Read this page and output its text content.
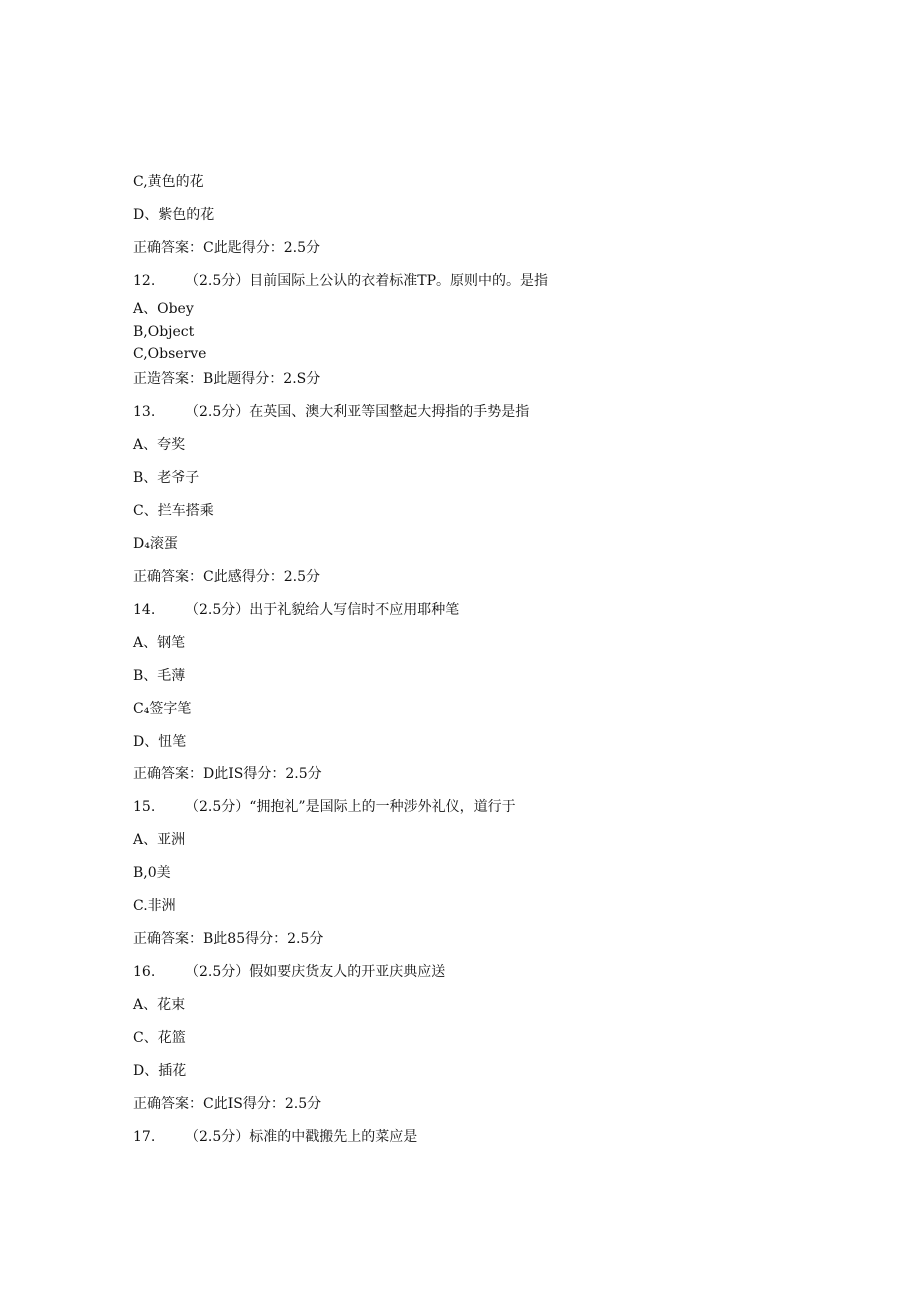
C,黄色的花
D、紫色的花
正确答案：C此匙得分：2.5分
12. （2.5分）目前国际上公认的衣着标准TP。原则中的。是指
A、Obey
B,Object
C,Observe
正造答案：B此题得分：2.S分
13. （2.5分）在英国、澳大利亚等国整起大拇指的手势是指
A、夸奖
B、老爷子
C、拦车搭乘
D₄滚蛋
正确答案：C此感得分：2.5分
14. （2.5分）出于礼貌给人写信时不应用耶种笔
A、钢笔
B、毛薄
C₄签字笔
D、忸笔
正确答案：D此IS得分：2.5分
15. （2.5分）“拥抱礼”是国际上的一种涉外礼仪，道行于
A、亚洲
B,0美
C.非洲
正确答案：B此85得分：2.5分
16. （2.5分）假如要庆货友人的开亚庆典应送
A、花束
C、花篮
D、插花
正确答案：C此IS得分：2.5分
17. （2.5分）标准的中戳搬先上的菜应是
